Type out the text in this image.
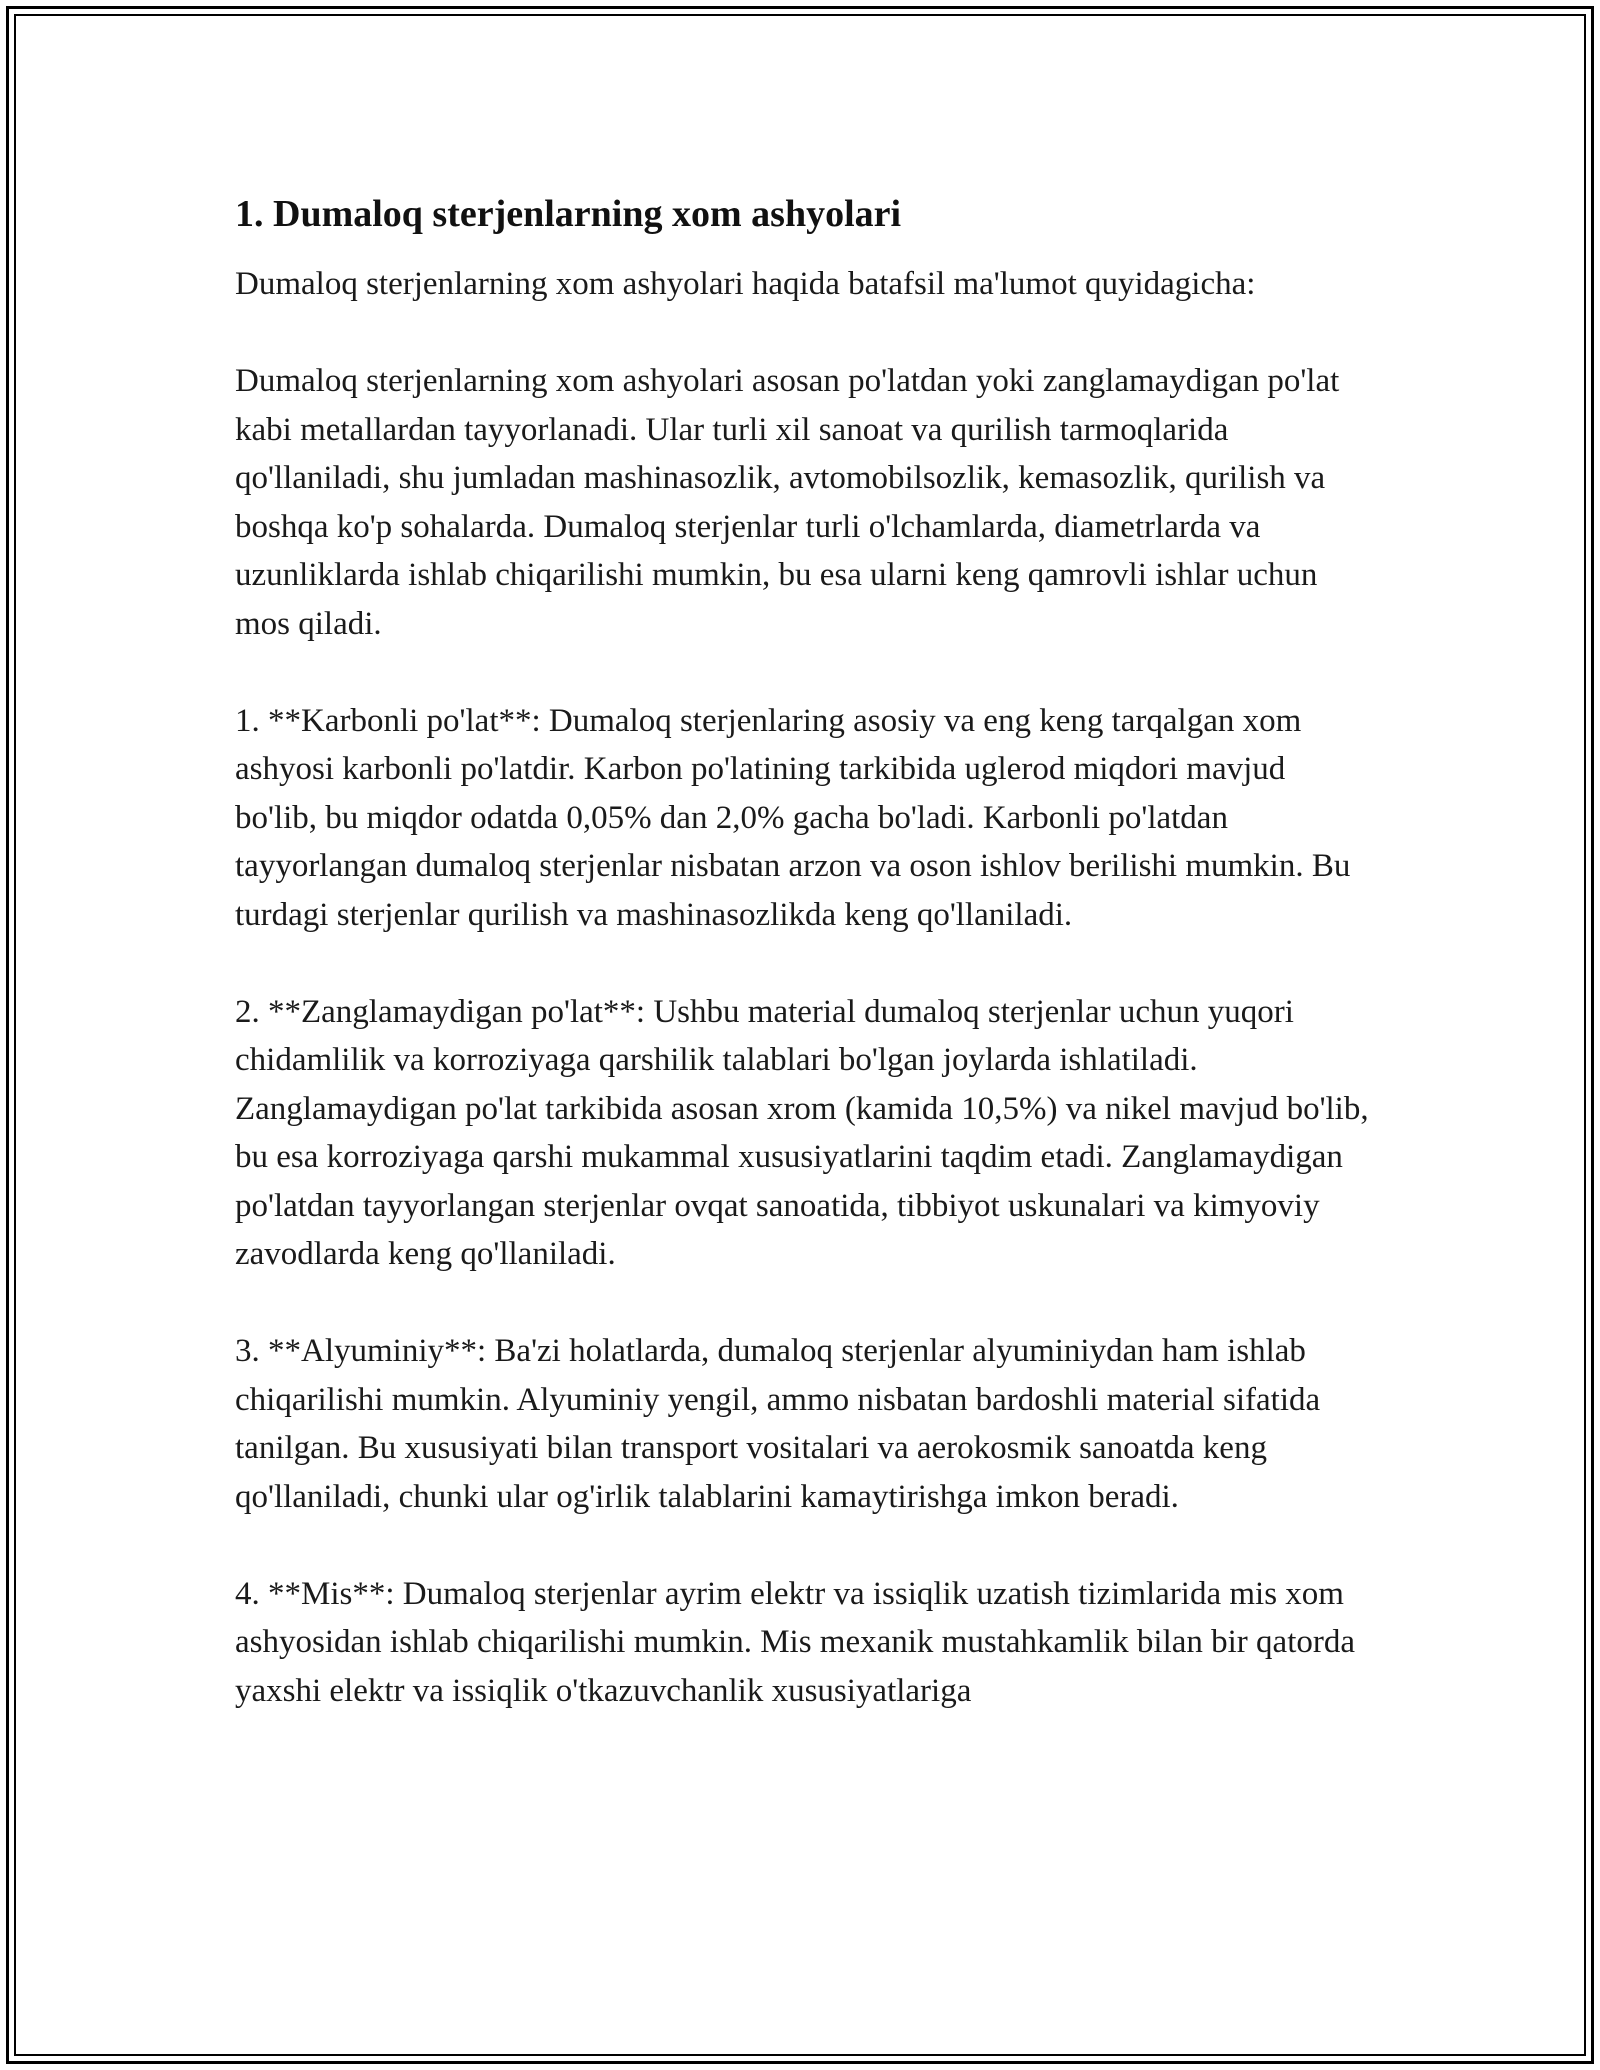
1. Dumaloq sterjenlarning xom ashyolari

Dumaloq sterjenlarning xom ashyolari haqida batafsil ma'lumot quyidagicha:

Dumaloq sterjenlarning xom ashyolari asosan po'latdan yoki zanglamaydigan po'lat kabi metallardan tayyorlanadi. Ular turli xil sanoat va qurilish tarmoqlarida qo'llaniladi, shu jumladan mashinasozlik, avtomobilsozlik, kemasozlik, qurilish va boshqa ko'p sohalarda. Dumaloq sterjenlar turli o'lchamlarda, diametrlarda va uzunliklarda ishlab chiqarilishi mumkin, bu esa ularni keng qamrovli ishlar uchun mos qiladi.

1. **Karbonli po'lat**: Dumaloq sterjenlaring asosiy va eng keng tarqalgan xom ashyosi karbonli po'latdir. Karbon po'latining tarkibida uglerod miqdori mavjud bo'lib, bu miqdor odatda 0,05% dan 2,0% gacha bo'ladi. Karbonli po'latdan tayyorlangan dumaloq sterjenlar nisbatan arzon va oson ishlov berilishi mumkin. Bu turdagi sterjenlar qurilish va mashinasozlikda keng qo'llaniladi.

2. **Zanglamaydigan po'lat**: Ushbu material dumaloq sterjenlar uchun yuqori chidamlilik va korroziyaga qarshilik talablari bo'lgan joylarda ishlatiladi. Zanglamaydigan po'lat tarkibida asosan xrom (kamida 10,5%) va nikel mavjud bo'lib, bu esa korroziyaga qarshi mukammal xususiyatlarini taqdim etadi. Zanglamaydigan po'latdan tayyorlangan sterjenlar ovqat sanoatida, tibbiyot uskunalari va kimyoviy zavodlarda keng qo'llaniladi.

3. **Alyuminiy**: Ba'zi holatlarda, dumaloq sterjenlar alyuminiydan ham ishlab chiqarilishi mumkin. Alyuminiy yengil, ammo nisbatan bardoshli material sifatida tanilgan. Bu xususiyati bilan transport vositalari va aerokosmik sanoatda keng qo'llaniladi, chunki ular og'irlik talablarini kamaytirishga imkon beradi.

4. **Mis**: Dumaloq sterjenlar ayrim elektr va issiqlik uzatish tizimlarida mis xom ashyosidan ishlab chiqarilishi mumkin. Mis mexanik mustahkamlik bilan bir qatorda yaxshi elektr va issiqlik o'tkazuvchanlik xususiyatlariga
